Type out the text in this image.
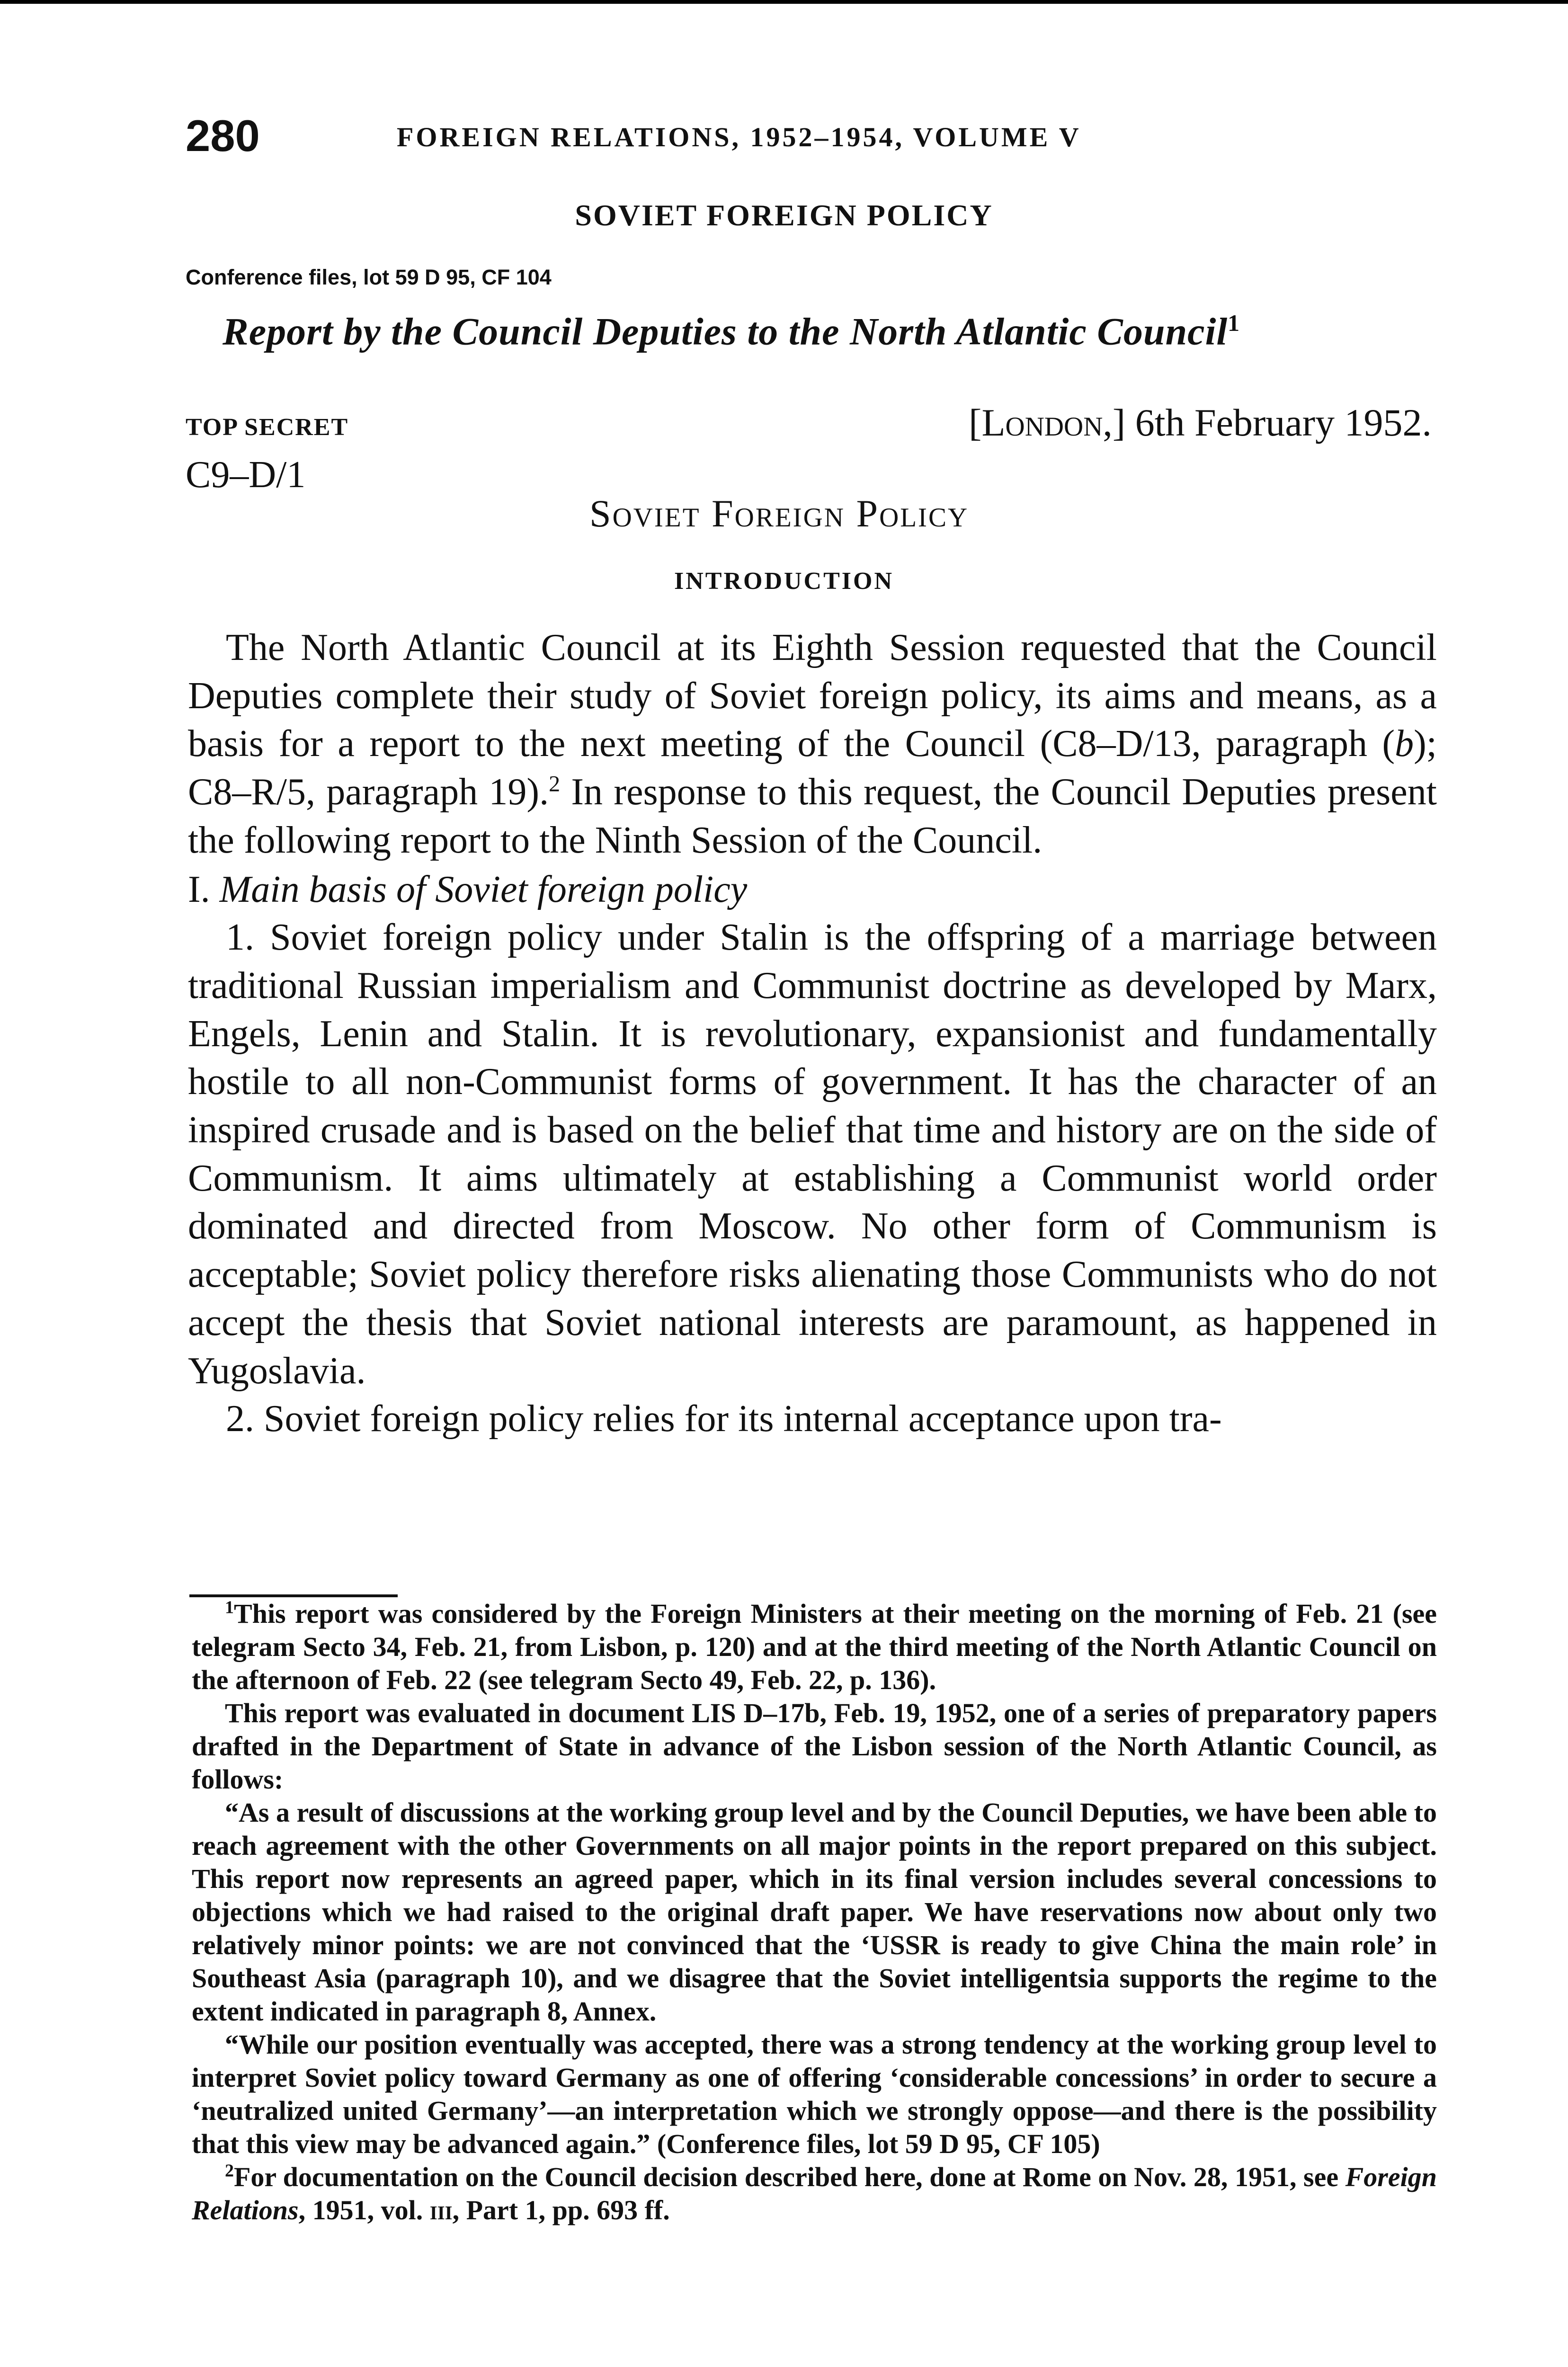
280	FOREIGN RELATIONS, 1952–1954, VOLUME V
SOVIET FOREIGN POLICY
Conference files, lot 59 D 95, CF 104
Report by the Council Deputies to the North Atlantic Council$^1$
TOP SECRET
C9–D/1
[London,] 6th February 1952.
Soviet Foreign Policy
INTRODUCTION

The North Atlantic Council at its Eighth Session requested that the Council Deputies complete their study of Soviet foreign policy, its aims and means, as a basis for a report to the next meeting of the Council (C8–D/13, paragraph (b); C8–R/5, paragraph 19).$^2$ In response to this request, the Council Deputies present the following report to the Ninth Session of the Council.

I. Main basis of Soviet foreign policy

1. Soviet foreign policy under Stalin is the offspring of a marriage between traditional Russian imperialism and Communist doctrine as developed by Marx, Engels, Lenin and Stalin. It is revolutionary, expansionist and fundamentally hostile to all non-Communist forms of government. It has the character of an inspired crusade and is based on the belief that time and history are on the side of Communism. It aims ultimately at establishing a Communist world order dominated and directed from Moscow. No other form of Communism is acceptable; Soviet policy therefore risks alienating those Communists who do not accept the thesis that Soviet national interests are paramount, as happened in Yugoslavia.

2. Soviet foreign policy relies for its internal acceptance upon tra-

$^1$This report was considered by the Foreign Ministers at their meeting on the morning of Feb. 21 (see telegram Secto 34, Feb. 21, from Lisbon, p. 120) and at the third meeting of the North Atlantic Council on the afternoon of Feb. 22 (see telegram Secto 49, Feb. 22, p. 136).

This report was evaluated in document LIS D–17b, Feb. 19, 1952, one of a series of preparatory papers drafted in the Department of State in advance of the Lisbon session of the North Atlantic Council, as follows:

“As a result of discussions at the working group level and by the Council Deputies, we have been able to reach agreement with the other Governments on all major points in the report prepared on this subject. This report now represents an agreed paper, which in its final version includes several concessions to objections which we had raised to the original draft paper. We have reservations now about only two relatively minor points: we are not convinced that the ‘USSR is ready to give China the main role’ in Southeast Asia (paragraph 10), and we disagree that the Soviet intelligentsia supports the regime to the extent indicated in paragraph 8, Annex.

“While our position eventually was accepted, there was a strong tendency at the working group level to interpret Soviet policy toward Germany as one of offering ‘considerable concessions’ in order to secure a ‘neutralized united Germany’—an interpretation which we strongly oppose—and there is the possibility that this view may be advanced again.” (Conference files, lot 59 D 95, CF 105)

$^2$For documentation on the Council decision described here, done at Rome on Nov. 28, 1951, see Foreign Relations, 1951, vol. iii, Part 1, pp. 693 ff.
